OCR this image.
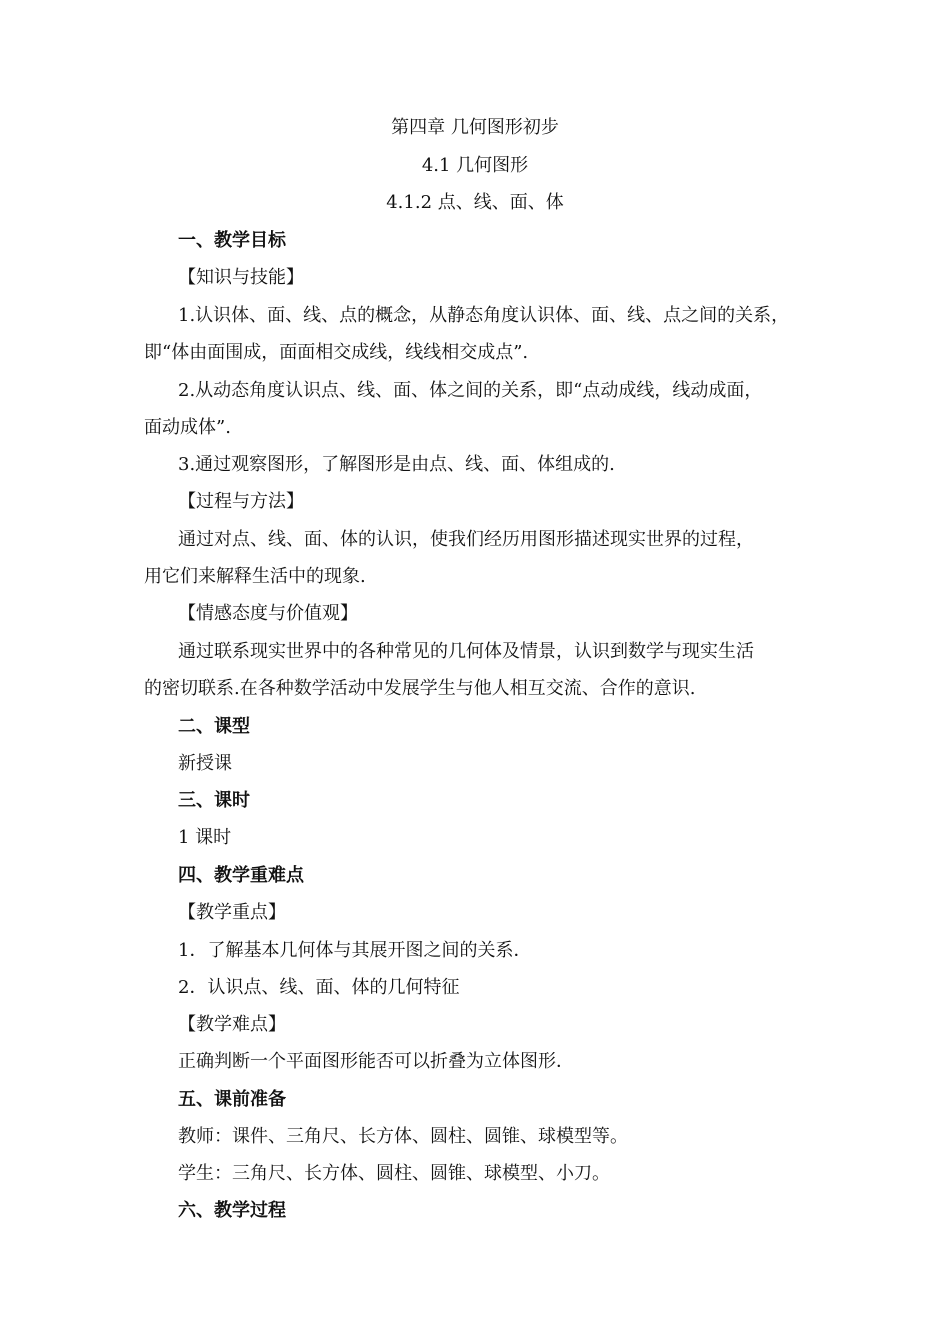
第四章 几何图形初步
4.1 几何图形
4.1.2 点、线、面、体
一、教学目标
【知识与技能】
1.认识体、面、线、点的概念，从静态角度认识体、面、线、点之间的关系，
即“体由面围成，面面相交成线，线线相交成点”.
2.从动态角度认识点、线、面、体之间的关系，即“点动成线，线动成面，
面动成体”.
3.通过观察图形，了解图形是由点、线、面、体组成的.
【过程与方法】
通过对点、线、面、体的认识，使我们经历用图形描述现实世界的过程，
用它们来解释生活中的现象.
【情感态度与价值观】
通过联系现实世界中的各种常见的几何体及情景，认识到数学与现实生活
的密切联系.在各种数学活动中发展学生与他人相互交流、合作的意识.
二、课型
新授课
三、课时
1 课时
四、教学重难点
【教学重点】
1．了解基本几何体与其展开图之间的关系．
2．认识点、线、面、体的几何特征
【教学难点】
正确判断一个平面图形能否可以折叠为立体图形．
五、课前准备
教师：课件、三角尺、长方体、圆柱、圆锥、球模型等。
学生：三角尺、长方体、圆柱、圆锥、球模型、小刀。
六、教学过程
